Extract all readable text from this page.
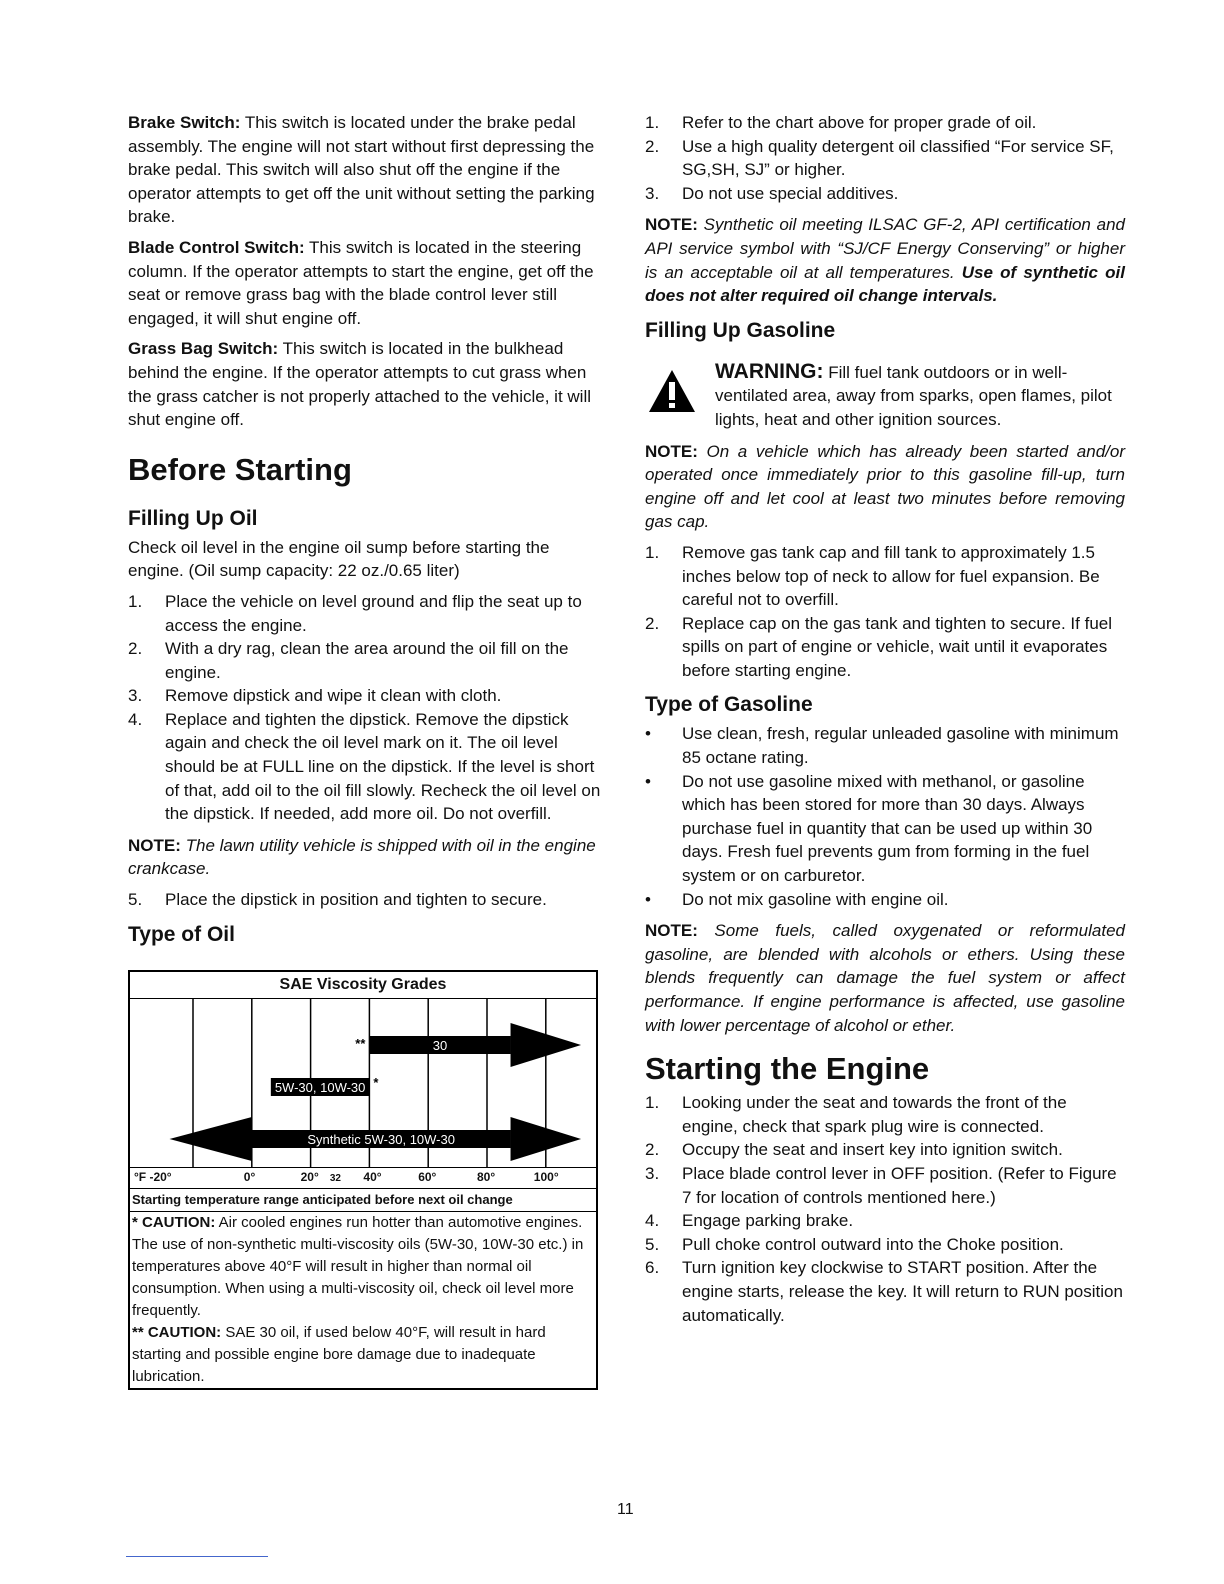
Brake Switch: This switch is located under the brake pedal assembly. The engine will not start without first depressing the brake pedal. This switch will also shut off the engine if the operator attempts to get off the unit without setting the parking brake.

Blade Control Switch: This switch is located in the steering column. If the operator attempts to start the engine, get off the seat or remove grass bag with the blade control lever still engaged, it will shut engine off.

Grass Bag Switch: This switch is located in the bulkhead behind the engine. If the operator attempts to cut grass when the grass catcher is not properly attached to the vehicle, it will shut engine off.

Before Starting
Filling Up Oil

Check oil level in the engine oil sump before starting the engine. (Oil sump capacity: 22 oz./0.65 liter)

1. Place the vehicle on level ground and flip the seat up to access the engine.
2. With a dry rag, clean the area around the oil fill on the engine.
3. Remove dipstick and wipe it clean with cloth.
4. Replace and tighten the dipstick. Remove the dipstick again and check the oil level mark on it. The oil level should be at FULL line on the dipstick. If the level is short of that, add oil to the oil fill slowly. Recheck the oil level on the dipstick. If needed, add more oil. Do not overfill.

NOTE: The lawn utility vehicle is shipped with oil in the engine crankcase.

5. Place the dipstick in position and tighten to secure.
Type of Oil
SAE Viscosity Grades
30
**
5W-30, 10W-30 *
Synthetic 5W-30, 10W-30
°F -20°	0°	20° 32 40°	60°	80°	100°
Starting temperature range anticipated before next oil change
* CAUTION: Air cooled engines run hotter than automotive engines. The use of non-synthetic multi-viscosity oils (5W-30, 10W-30 etc.) in temperatures above 40°F will result in higher than normal oil consumption. When using a multi-viscosity oil, check oil level more frequently.
** CAUTION: SAE 30 oil, if used below 40°F, will result in hard starting and possible engine bore damage due to inadequate lubrication.
1. Refer to the chart above for proper grade of oil.
2. Use a high quality detergent oil classified “For service SF, SG,SH, SJ” or higher.
3. Do not use special additives.

NOTE: Synthetic oil meeting ILSAC GF-2, API certification and API service symbol with “SJ/CF Energy Conserving” or higher is an acceptable oil at all temperatures. Use of synthetic oil does not alter required oil change intervals.

Filling Up Gasoline
WARNING: Fill fuel tank outdoors or in well-ventilated area, away from sparks, open flames, pilot lights, heat and other ignition sources.

NOTE: On a vehicle which has already been started and/or operated once immediately prior to this gasoline fill-up, turn engine off and let cool at least two minutes before removing gas cap.

1. Remove gas tank cap and fill tank to approximately 1.5 inches below top of neck to allow for fuel expansion. Be careful not to overfill.
2. Replace cap on the gas tank and tighten to secure. If fuel spills on part of engine or vehicle, wait until it evaporates before starting engine.
Type of Gasoline
• Use clean, fresh, regular unleaded gasoline with minimum 85 octane rating.
• Do not use gasoline mixed with methanol, or gasoline which has been stored for more than 30 days. Always purchase fuel in quantity that can be used up within 30 days. Fresh fuel prevents gum from forming in the fuel system or on carburetor.
• Do not mix gasoline with engine oil.

NOTE: Some fuels, called oxygenated or reformulated gasoline, are blended with alcohols or ethers. Using these blends frequently can damage the fuel system or affect performance. If engine performance is affected, use gasoline with lower percentage of alcohol or ether.

Starting the Engine
1. Looking under the seat and towards the front of the engine, check that spark plug wire is connected.
2. Occupy the seat and insert key into ignition switch.
3. Place blade control lever in OFF position. (Refer to Figure 7 for location of controls mentioned here.)
4. Engage parking brake.
5. Pull choke control outward into the Choke position.
6. Turn ignition key clockwise to START position. After the engine starts, release the key. It will return to RUN position automatically.
11
